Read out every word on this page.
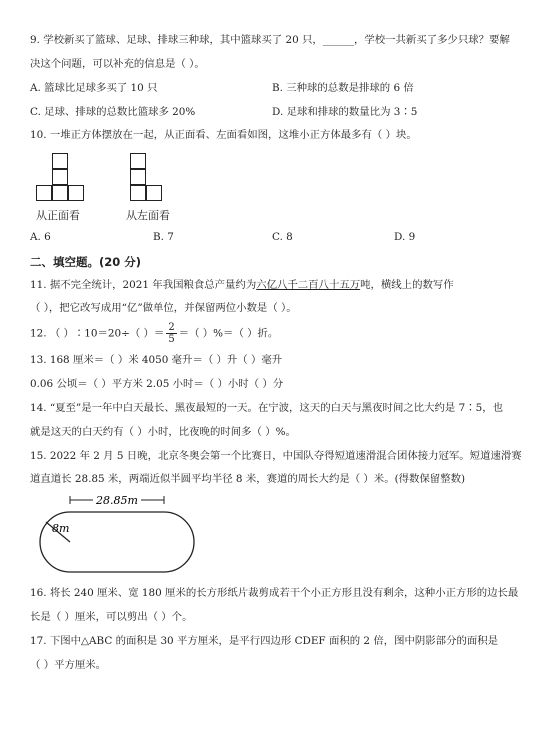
9. 学校新买了篮球、足球、排球三种球，其中篮球买了 20 只，______，学校一共新买了多少只球？要解
决这个问题，可以补充的信息是（ ）。
A. 篮球比足球多买了 10 只	B. 三种球的总数是排球的 6 倍
C. 足球、排球的总数比篮球多 20%	D. 足球和排球的数量比为 3∶5
10. 一堆正方体摆放在一起，从正面看、左面看如图，这堆小正方体最多有（ ）块。
从正面看	从左面看
A. 6	B. 7	C. 8	D. 9
二、填空题。(20 分)
11. 据不完全统计，2021 年我国粮食总产量约为六亿八千二百八十五万吨，横线上的数写作
（ ），把它改写成用“亿”做单位，并保留两位小数是（ ）。
12. （ ）∶10＝20÷（ ）＝ $\frac{2}{5}$ ＝（ ）%＝（ ）折。
13. 168 厘米＝（ ）米 4050 毫升＝（ ）升（ ）毫升
0.06 公顷＝（ ）平方米 2.05 小时＝（ ）小时（ ）分
14. “夏至”是一年中白天最长、黑夜最短的一天。在宁波，这天的白天与黑夜时间之比大约是 7∶5，也
就是这天的白天约有（ ）小时，比夜晚的时间多（ ）%。
15. 2022 年 2 月 5 日晚，北京冬奥会第一个比赛日，中国队夺得短道速滑混合团体接力冠军。短道速滑赛
道直道长 28.85 米，两端近似半圆平均半径 8 米，赛道的周长大约是（ ）米。(得数保留整数)
28.85m
8m
16. 将长 240 厘米、宽 180 厘米的长方形纸片裁剪成若干个小正方形且没有剩余，这种小正方形的边长最
长是（ ）厘米，可以剪出（ ）个。
17. 下图中△ABC 的面积是 30 平方厘米，是平行四边形 CDEF 面积的 2 倍，图中阴影部分的面积是
（ ）平方厘米。
